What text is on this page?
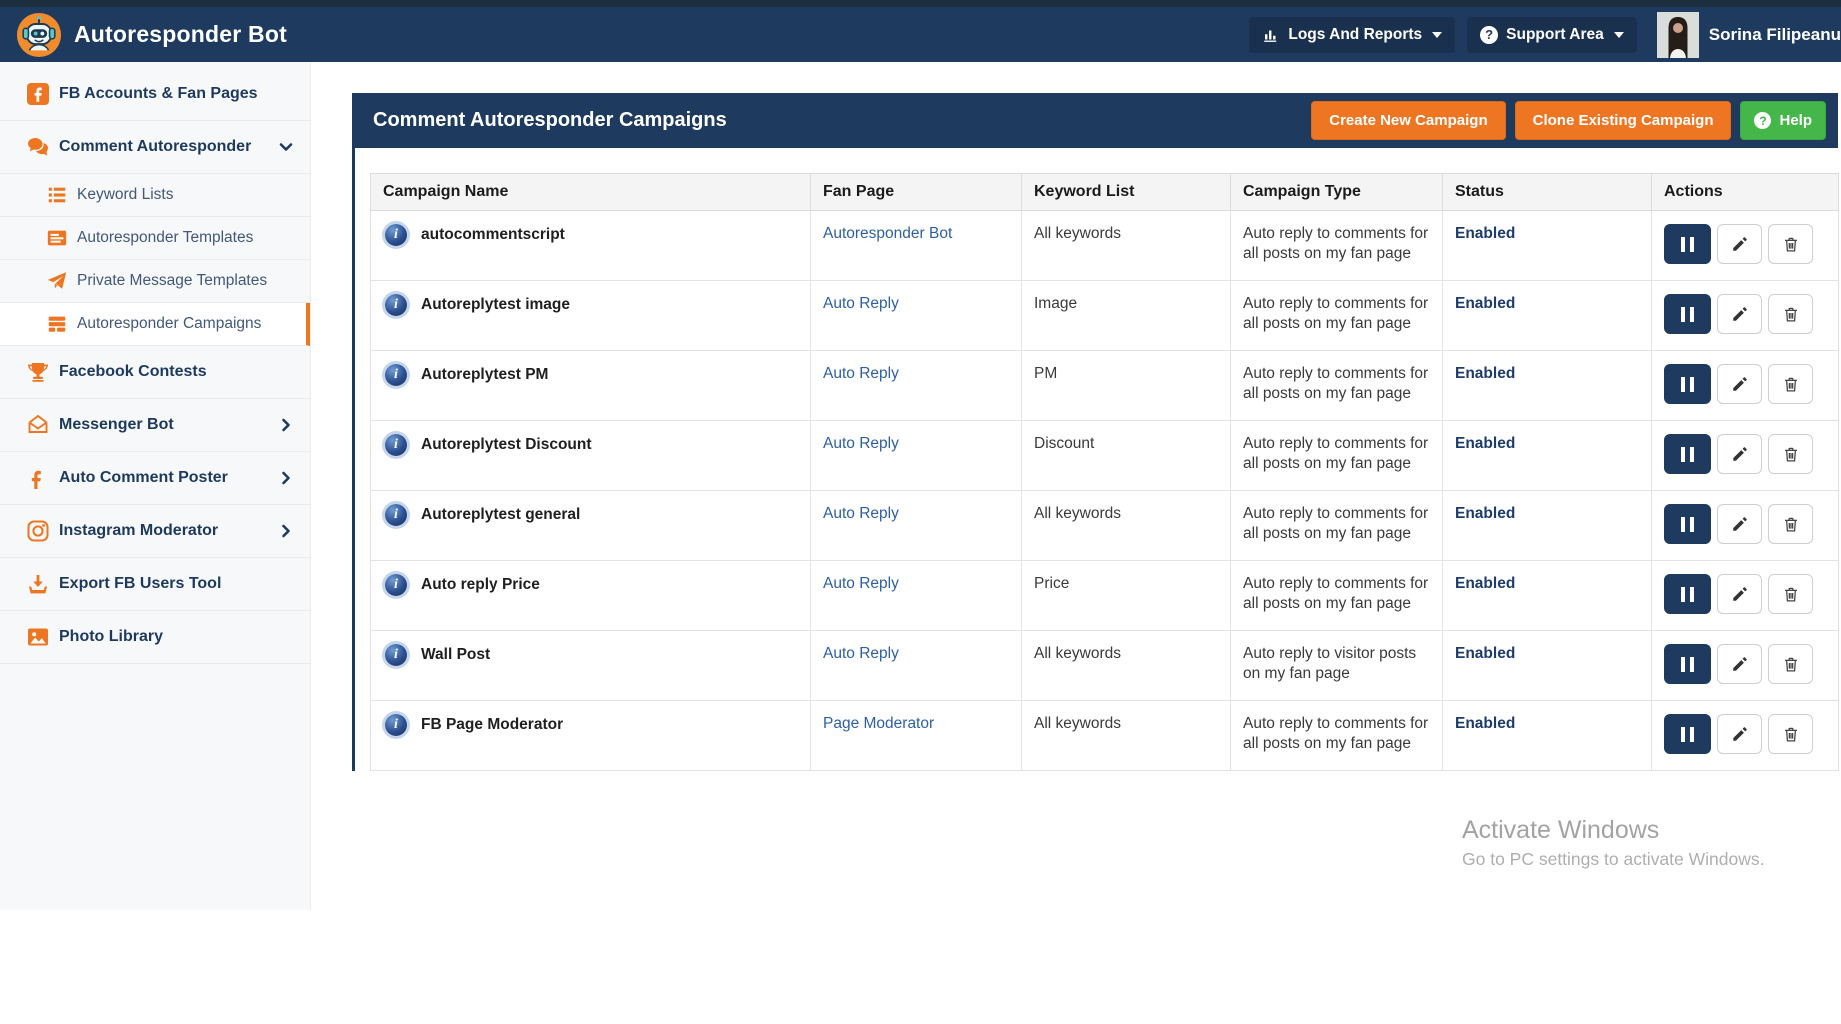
Autoresponder Bot	Logs And Reports	? Support Area	Sorina Filipeanu
FB Accounts & Fan Pages
Comment Autoresponder
Keyword Lists
Autoresponder Templates
Private Message Templates
Autoresponder Campaigns
Facebook Contests
Messenger Bot
Auto Comment Poster
Instagram Moderator
Export FB Users Tool
Photo Library
Comment Autoresponder Campaigns	Create New Campaign	Clone Existing Campaign	? Help
Campaign Name	Fan Page	Keyword List	Campaign Type	Status	Actions

i
autocommentscript	Autoresponder Bot	All keywords	Auto reply to comments for all posts on my fan page	Enabled	

i
Autoreplytest image	Auto Reply	Image	Auto reply to comments for all posts on my fan page	Enabled	

i
Autoreplytest PM	Auto Reply	PM	Auto reply to comments for all posts on my fan page	Enabled	

i
Autoreplytest Discount	Auto Reply	Discount	Auto reply to comments for all posts on my fan page	Enabled	

i
Autoreplytest general	Auto Reply	All keywords	Auto reply to comments for all posts on my fan page	Enabled	

i
Auto reply Price	Auto Reply	Price	Auto reply to comments for all posts on my fan page	Enabled	

i
Wall Post	Auto Reply	All keywords	Auto reply to visitor posts on my fan page	Enabled	

i
FB Page Moderator	Page Moderator	All keywords	Auto reply to comments for all posts on my fan page	Enabled	
Activate Windows
Go to PC settings to activate Windows.
